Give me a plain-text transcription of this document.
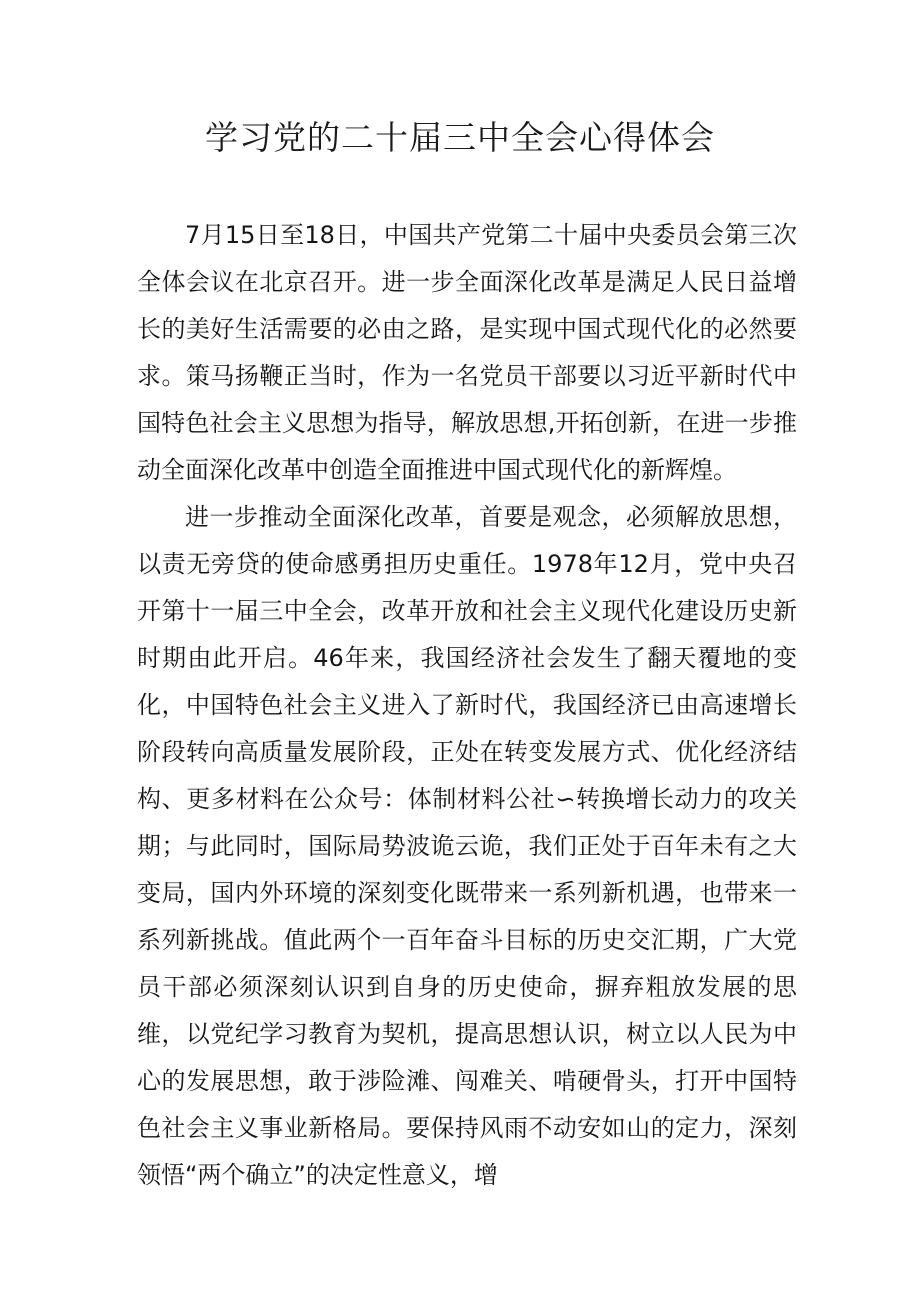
学习党的二十届三中全会心得体会

7月15日至18日，中国共产党第二十届中央委员会第三次全体会议在北京召开。进一步全面深化改革是满足人民日益增长的美好生活需要的必由之路，是实现中国式现代化的必然要求。策马扬鞭正当时，作为一名党员干部要以习近平新时代中国特色社会主义思想为指导，解放思想,开拓创新，在进一步推动全面深化改革中创造全面推进中国式现代化的新辉煌。

进一步推动全面深化改革，首要是观念，必须解放思想，以责无旁贷的使命感勇担历史重任。1978年12月，党中央召开第十一届三中全会，改革开放和社会主义现代化建设历史新时期由此开启。46年来，我国经济社会发生了翻天覆地的变化，中国特色社会主义进入了新时代，我国经济已由高速增长阶段转向高质量发展阶段，正处在转变发展方式、优化经济结构、更多材料在公众号：体制材料公社∽转换增长动力的攻关期；与此同时，国际局势波诡云诡，我们正处于百年未有之大变局，国内外环境的深刻变化既带来一系列新机遇，也带来一系列新挑战。值此两个一百年奋斗目标的历史交汇期，广大党员干部必须深刻认识到自身的历史使命，摒弃粗放发展的思维，以党纪学习教育为契机，提高思想认识，树立以人民为中心的发展思想，敢于涉险滩、闯难关、啃硬骨头，打开中国特色社会主义事业新格局。要保持风雨不动安如山的定力，深刻领悟“两个确立”的决定性意义，增
